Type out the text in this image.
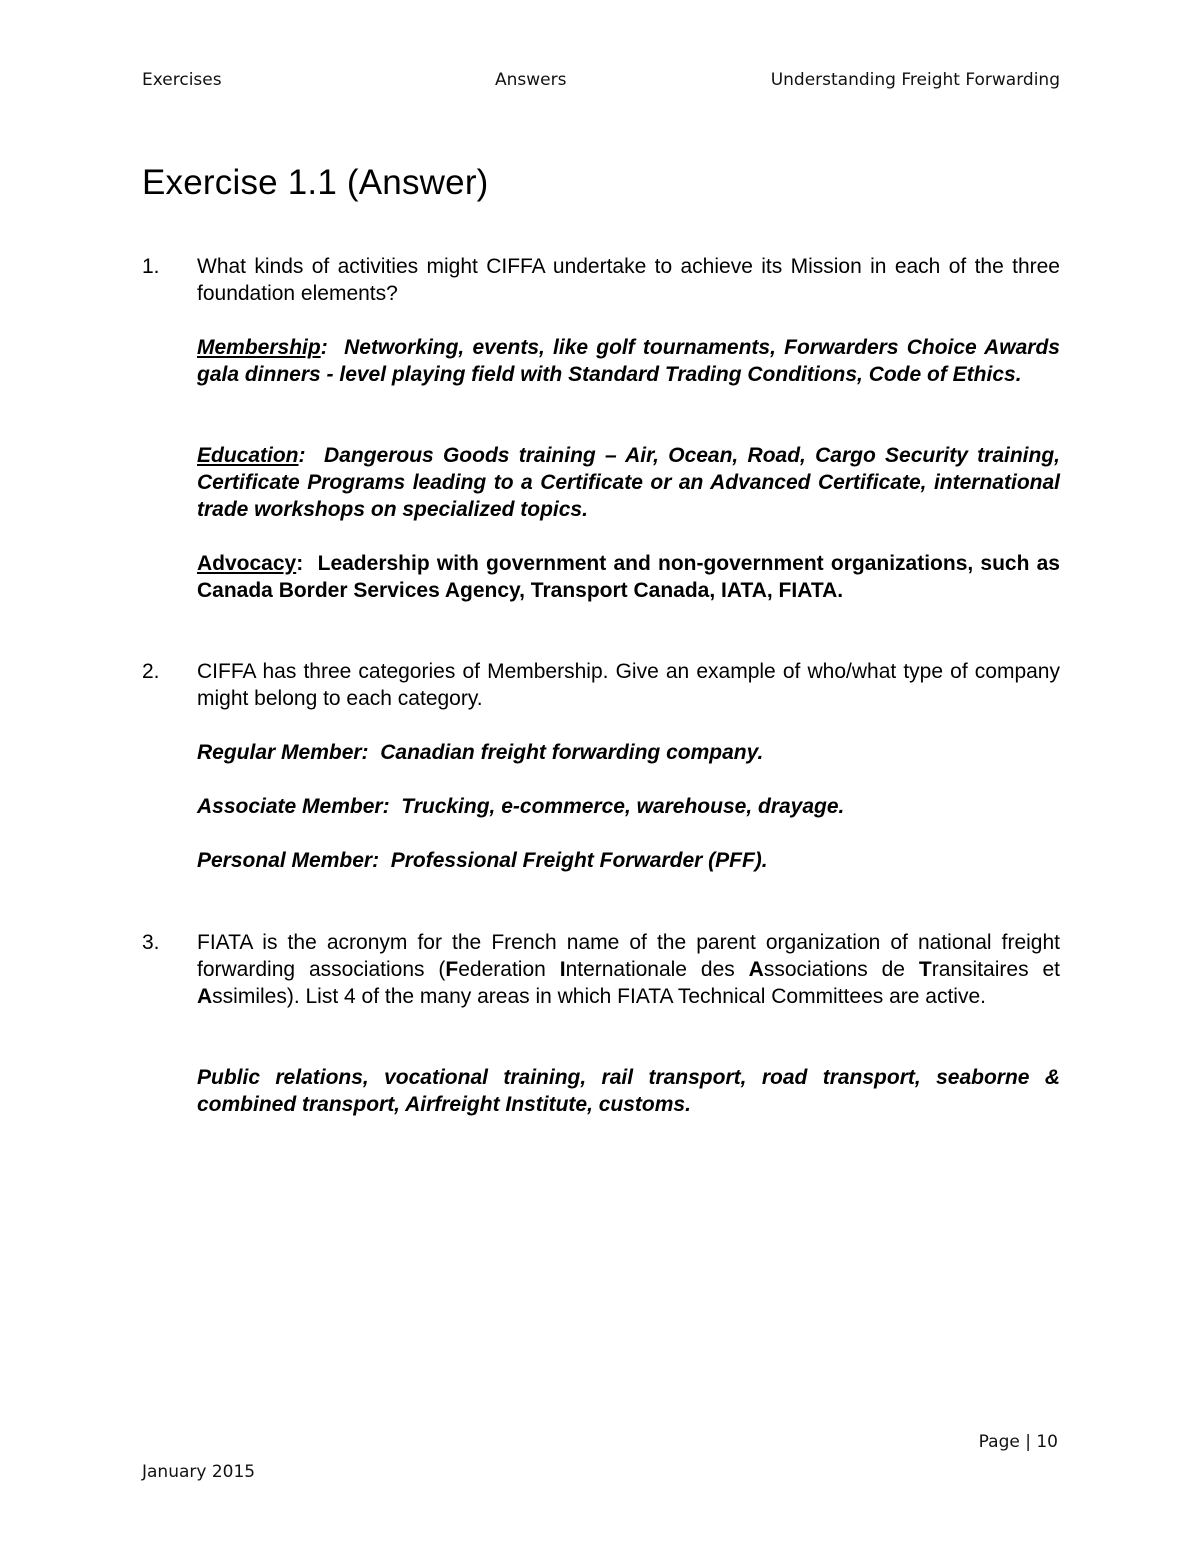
Exercises	Answers	Understanding Freight Forwarding
Exercise 1.1 (Answer)
1. What kinds of activities might CIFFA undertake to achieve its Mission in each of the three foundation elements?

Membership:  Networking, events, like golf tournaments, Forwarders Choice Awards gala dinners - level playing field with Standard Trading Conditions, Code of Ethics.

Education:  Dangerous Goods training – Air, Ocean, Road, Cargo Security training, Certificate Programs leading to a Certificate or an Advanced Certificate, international trade workshops on specialized topics.

Advocacy:  Leadership with government and non-government organizations, such as Canada Border Services Agency, Transport Canada, IATA, FIATA.

2. CIFFA has three categories of Membership. Give an example of who/what type of company might belong to each category.

Regular Member:  Canadian freight forwarding company.

Associate Member:  Trucking, e-commerce, warehouse, drayage.

Personal Member:  Professional Freight Forwarder (PFF).

3. FIATA is the acronym for the French name of the parent organization of national freight forwarding associations (Federation Internationale des Associations de Transitaires et Assimiles). List 4 of the many areas in which FIATA Technical Committees are active.

Public relations, vocational training, rail transport, road transport, seaborne & combined transport, Airfreight Institute, customs.

Page | 10
January 2015
